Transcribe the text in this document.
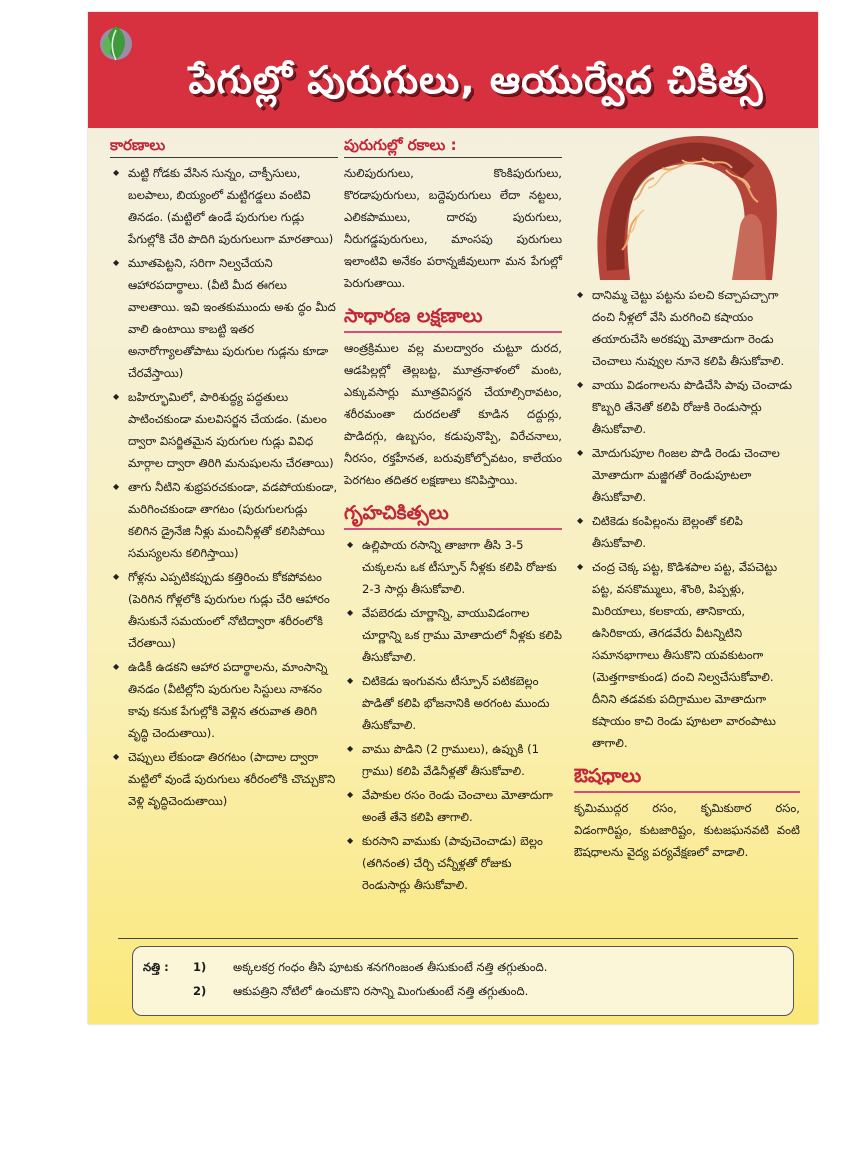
పేగుల్లో పురుగులు, ఆయుర్వేద చికిత్స
కారణాలు
◆ మట్టి గోడకు వేసిన సున్నం, చాక్పీసులు, బలపాలు, బియ్యంలో మట్టిగడ్డలు వంటివి తినడం. (మట్టిలో ఉండే పురుగుల గుడ్లు పేగుల్లోకి చేరి పొదిగి పురుగులుగా మారతాయి)
◆ మూతపెట్టని, సరిగా నిల్వచేయని ఆహారపదార్థాలు. (వీటి మీద ఈగలు వాలతాయి. ఇవి ఇంతకుముందు అశు ద్ధం మీద వాలి ఉంటాయి కాబట్టి ఇతర అనారోగ్యాలతోపాటు పురుగుల గుడ్లను కూడా చేరవేస్తాయి)
◆ బహిర్భూమిలో, పారిశుద్ధ్య పద్ధతులు పాటించకుండా మలవిసర్జన చేయడం. (మలం ద్వారా విసర్జితమైన పురుగుల గుడ్లు వివిధ మార్గాల ద్వారా తిరిగి మనుషులను చేరతాయి)
◆ తాగు నీటిని శుభ్రపరచకుండా, వడపోయకుండా, మరిగించకుండా తాగటం (పురుగులగుడ్లు కలిగిన డ్రైనేజి నీళ్లు మంచినీళ్లతో కలిసిపోయి సమస్యలను కలిగిస్తాయి)
◆ గోళ్లను ఎప్పటికప్పుడు కత్తిరించు కోకపోవటం (పెరిగిన గోళ్లలోకి పురుగుల గుడ్లు చేరి ఆహారం తీసుకునే సమయంలో నోటిద్వారా శరీరంలోకి చేరతాయి)
◆ ఉడికీ ఉడకని ఆహార పదార్థాలను, మాంసాన్ని తినడం (వీటిల్లోని పురుగుల సిస్టులు నాశనం కావు కనుక పేగుల్లోకి వెళ్లిన తరువాత తిరిగి వృద్ధి చెందుతాయి).
◆ చెప్పులు లేకుండా తిరగటం (పాదాల ద్వారా మట్టిలో వుండే పురుగులు శరీరంలోకి చొచ్చుకొని వెళ్లి వృద్ధిచెందుతాయి)
పురుగుల్లో రకాలు :
నులిపురుగులు, కొంకిపురుగులు, కొరడాపురుగులు, బద్దెపురుగులు లేదా నట్టలు, ఎలికపాములు, దారపు పురుగులు, నీరుగడ్డపురుగులు, మాంసపు పురుగులు ఇలాంటివి అనేకం పరాన్నజీవులుగా మన పేగుల్లో పెరుగుతాయి.
సాధారణ లక్షణాలు
ఆంత్రక్రిముల వల్ల మలద్వారం చుట్టూ దురద, ఆడపిల్లల్లో తెల్లబట్ట, మూత్రనాళంలో మంట, ఎక్కువసార్లు మూత్రవిసర్జన చేయాల్సిరావటం, శరీరమంతా దురదలతో కూడిన దద్దుర్లు, పొడిదగ్గు, ఉబ్బసం, కడుపునొప్పి, విరేచనాలు, నీరసం, రక్తహీనత, బరువుకోల్పోవటం, కాలేయం పెరగటం తదితర లక్షణాలు కనిపిస్తాయి.
గృహచికిత్సలు
◆ ఉల్లిపాయ రసాన్ని తాజాగా తీసి 3-5 చుక్కలను ఒక టీస్పూన్ నీళ్లకు కలిపి రోజుకు 2-3 సార్లు తీసుకోవాలి.
◆ వేపబెరడు చూర్ణాన్ని, వాయువిడంగాల చూర్ణాన్ని ఒక గ్రాము మోతాదులో నీళ్లకు కలిపి తీసుకోవాలి.
◆ చిటికెడు ఇంగువను టీస్పూన్ పటికబెల్లం పొడితో కలిపి భోజనానికి అరగంట ముందు తీసుకోవాలి.
◆ వాము పొడిని (2 గ్రాములు), ఉప్పుకి (1 గ్రాము) కలిపి వేడినీళ్లతో తీసుకోవాలి.
◆ వేపాకుల రసం రెండు చెంచాలు మోతాదుగా అంతే తేనె కలిపి తాగాలి.
◆ కురసాని వాముకు (పావుచెంచాడు) బెల్లం (తగినంత) చేర్చి చన్నీళ్లతో రోజుకు రెండుసార్లు తీసుకోవాలి.
◆ దానిమ్మ చెట్టు పట్టను పలచి కచ్చాపచ్చాగా దంచి నీళ్లలో వేసి మరగించి కషాయం తయారుచేసి అరకప్పు మోతాదుగా రెండు చెంచాలు నువ్వుల నూనె కలిపి తీసుకోవాలి.
◆ వాయు విడంగాలను పొడిచేసి పావు చెంచాడు కొబ్బరి తేనెతో కలిపి రోజుకి రెండుసార్లు తీసుకోవాలి.
◆ మోదుగుపూల గింజల పొడి రెండు చెంచాల మోతాదుగా మజ్జిగతో రెండుపూటలా తీసుకోవాలి.
◆ చిటికెడు కంపిల్లంను బెల్లంతో కలిపి తీసుకోవాలి.
◆ చంద్ర చెక్క పట్ట, కొడిశపాల పట్ట, వేపచెట్టు పట్ట, వసకొమ్ములు, శొంఠి, పిప్పళ్లు, మిరియాలు, కలకాయ, తానికాయ, ఉసిరికాయ, తెగడవేరు వీటన్నిటిని సమానభాగాలు తీసుకొని యవకుటంగా (మెత్తగాకాకుండ) దంచి నిల్వచేసుకోవాలి. దీనిని తడవకు పదిగ్రాముల మోతాదుగా కషాయం కాచి రెండు పూటలా వారంపాటు తాగాలి.
ఔషధాలు
కృమిముద్గర రసం, కృమికుఠార రసం, విడంగారిష్టం, కుటజారిష్టం, కుటజఘనవటి వంటి ఔషధాలను వైద్య పర్యవేక్షణలో వాడాలి.
నత్తి : 1) అక్కలకర్ర గంధం తీసి పూటకు శనగగింజంత తీసుకుంటే నత్తి తగ్గుతుంది.
2) ఆకుపత్రిని నోటిలో ఉంచుకొని రసాన్ని మింగుతుంటే నత్తి తగ్గుతుంది.
